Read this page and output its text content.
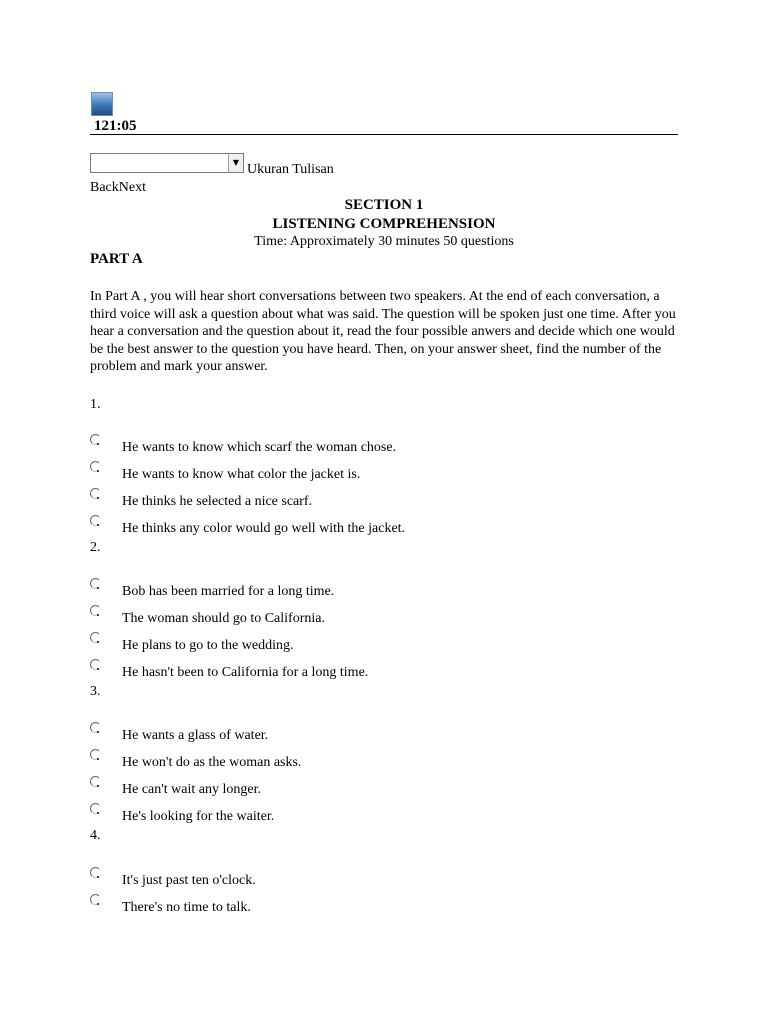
121:05
▼ Ukuran Tulisan
BackNext
SECTION 1
LISTENING COMPREHENSION
Time: Approximately 30 minutes 50 questions
PART A
In Part A , you will hear short conversations between two speakers. At the end of each conversation, a third voice will ask a question about what was said. The question will be spoken just one time. After you hear a conversation and the question about it, read the four possible anwers and decide which one would be the best answer to the question you have heard. Then, on your answer sheet, find the number of the problem and mark your answer.
1.
He wants to know which scarf the woman chose.
He wants to know what color the jacket is.
He thinks he selected a nice scarf.
He thinks any color would go well with the jacket.
2.
Bob has been married for a long time.
The woman should go to California.
He plans to go to the wedding.
He hasn't been to California for a long time.
3.
He wants a glass of water.
He won't do as the woman asks.
He can't wait any longer.
He's looking for the waiter.
4.
It's just past ten o'clock.
There's no time to talk.
